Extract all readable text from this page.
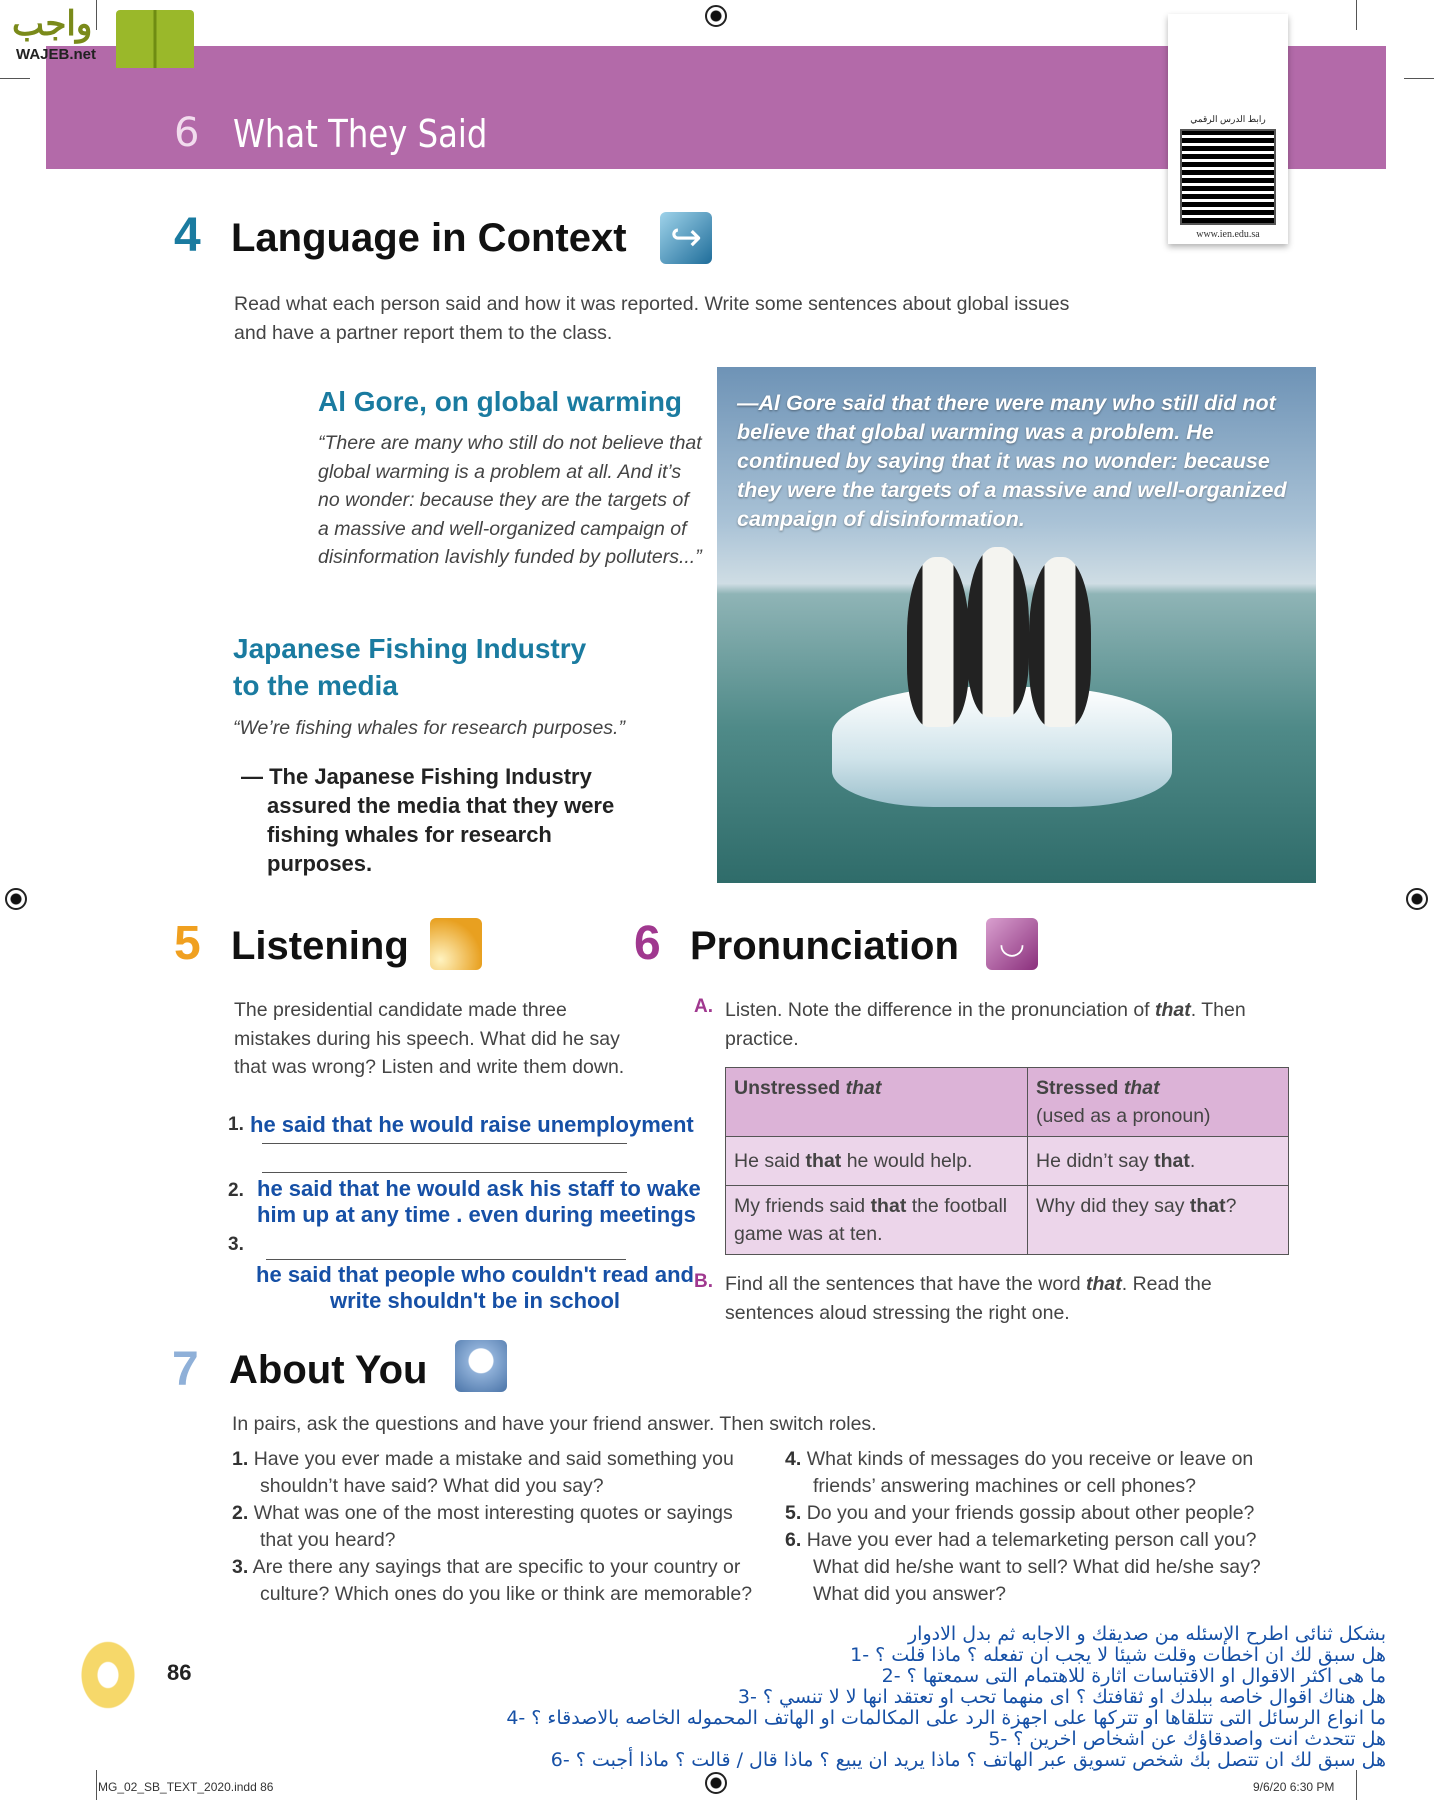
6 What They Said
واجب
WAJEB.net
رابط الدرس الرقمي
www.ien.edu.sa
4 Language in Context ↪
Read what each person said and how it was reported. Write some sentences about global issues and have a partner report them to the class.
Al Gore, on global warming
“There are many who still do not believe that global warming is a problem at all. And it’s no wonder: because they are the targets of a massive and well-organized campaign of disinformation lavishly funded by polluters...”
—Al Gore said that there were many who still did not believe that global warming was a problem. He continued by saying that it was no wonder: because they were the targets of a massive and well-organized campaign of disinformation.
Japanese Fishing Industry
to the media
“We’re fishing whales for research purposes.”
— The Japanese Fishing Industry assured the media that they were fishing whales for research purposes.
5 Listening
The presidential candidate made three mistakes during his speech. What did he say that was wrong? Listen and write them down.
1. he said that he would raise unemployment
2. he said that he would ask his staff to wake him up at any time . even during meetings
3.
he said that people who couldn't read and write shouldn't be in school
6 Pronunciation	◡
A. Listen. Note the difference in the pronunciation of that. Then practice.
Unstressed that	Stressed that
(used as a pronoun)
He said that he would help.	He didn’t say that.
My friends said that the football game was at ten.	Why did they say that?
B. Find all the sentences that have the word that. Read the sentences aloud stressing the right one.
7 About You
In pairs, ask the questions and have your friend answer. Then switch roles.
1. Have you ever made a mistake and said something you shouldn’t have said? What did you say?
2. What was one of the most interesting quotes or sayings that you heard?
3. Are there any sayings that are specific to your country or culture? Which ones do you like or think are memorable?
4. What kinds of messages do you receive or leave on friends’ answering machines or cell phones?
5. Do you and your friends gossip about other people?
6. Have you ever had a telemarketing person call you? What did he/she want to sell? What did he/she say? What did you answer?
بشكل ثنائى اطرح الإسئله من صديقك و الاجابه ثم بدل الادوار
هل سبق لك ان اخطات وقلت شيئا لا يجب ان تفعله ؟ ماذا قلت ؟ -1
ما هى اكثر الاقوال او الاقتباسات اثارة للاهتمام التى سمعتها ؟ -2
هل هناك اقوال خاصه ببلدك او ثقافتك ؟ اى منهما تحب او تعتقد انها لا لا تنسي ؟ -3
ما انواع الرسائل التى تتلقاها او تتركها على اجهزة الرد على المكالمات او الهاتف المحموله الخاصه بالاصدقاء ؟ -4
هل تتحدث انت واصدقاؤك عن اشخاص اخرين ؟ -5
هل سبق لك ان تتصل بك شخص تسويق عبر الهاتف ؟ ماذا يريد ان يبيع ؟ ماذا قال / قالت ؟ ماذا أجبت ؟ -6
86
MG_02_SB_TEXT_2020.indd 86	9/6/20 6:30 PM
